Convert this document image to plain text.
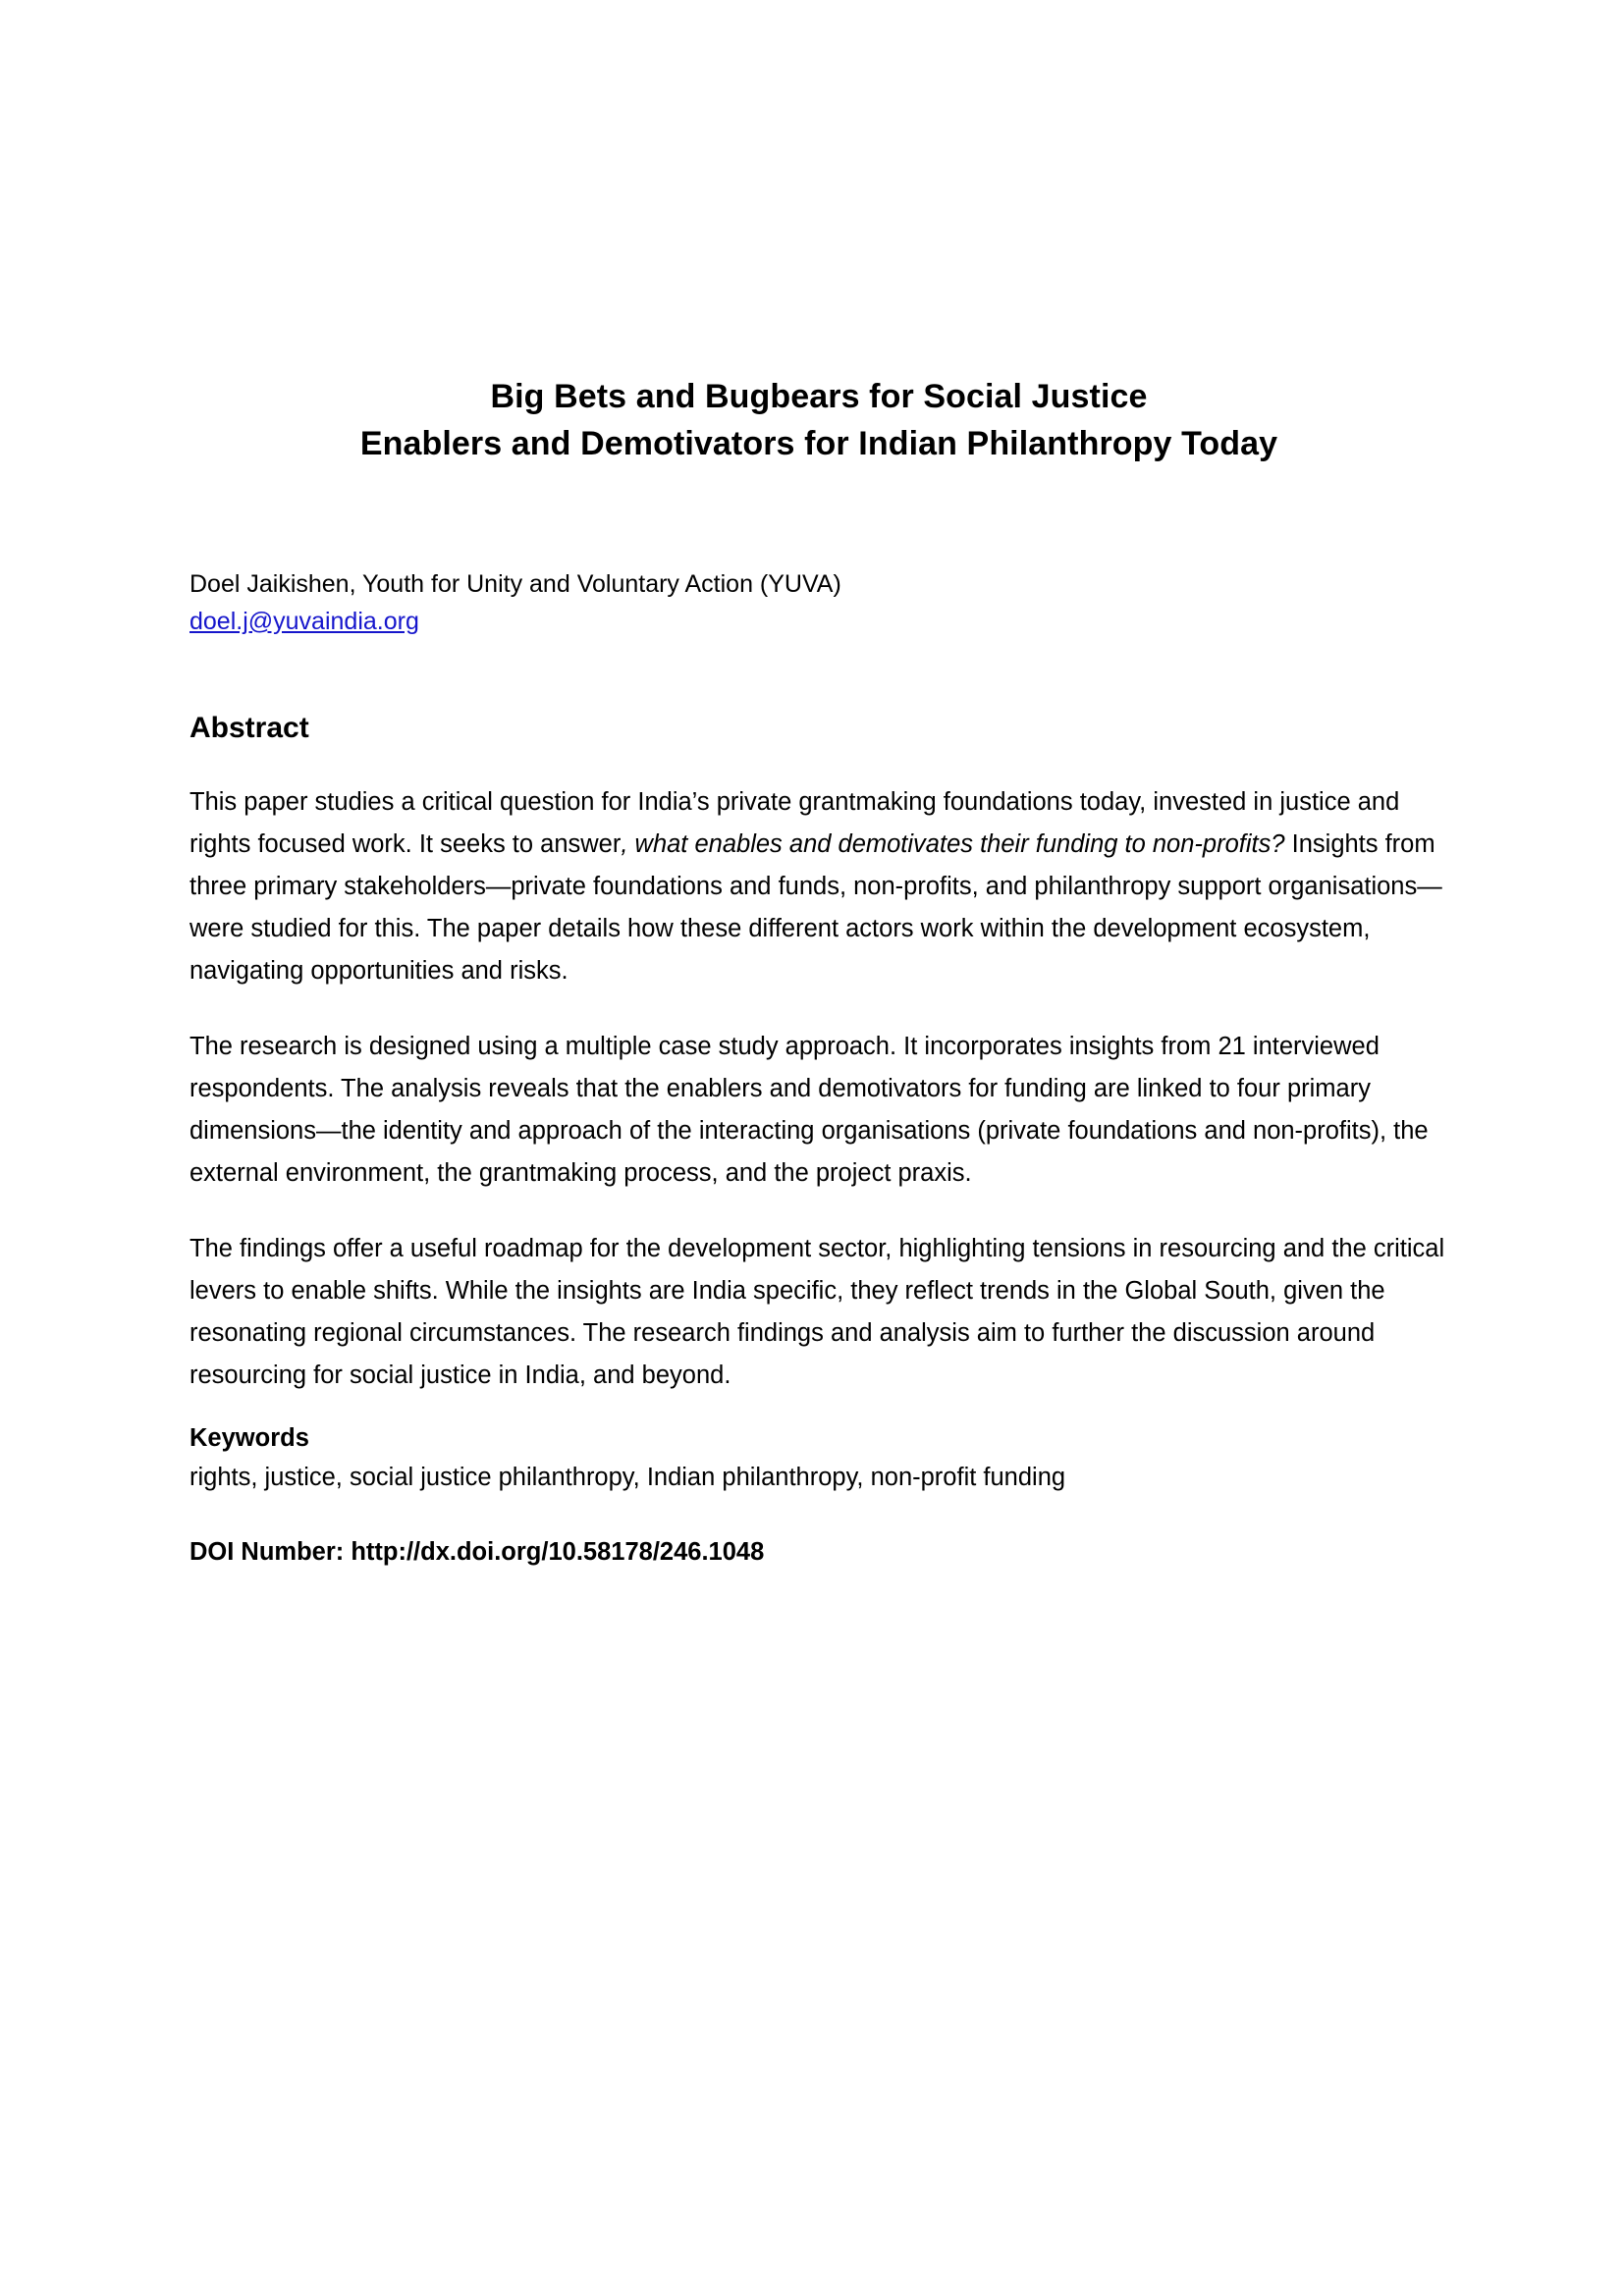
Big Bets and Bugbears for Social Justice
Enablers and Demotivators for Indian Philanthropy Today
Doel Jaikishen, Youth for Unity and Voluntary Action (YUVA)
doel.j@yuvaindia.org
Abstract

This paper studies a critical question for India’s private grantmaking foundations today, invested in justice and rights focused work. It seeks to answer, what enables and demotivates their funding to non-profits? Insights from three primary stakeholders—private foundations and funds, non-profits, and philanthropy support organisations—were studied for this. The paper details how these different actors work within the development ecosystem, navigating opportunities and risks.

The research is designed using a multiple case study approach. It incorporates insights from 21 interviewed respondents. The analysis reveals that the enablers and demotivators for funding are linked to four primary dimensions—the identity and approach of the interacting organisations (private foundations and non-profits), the external environment, the grantmaking process, and the project praxis.

The findings offer a useful roadmap for the development sector, highlighting tensions in resourcing and the critical levers to enable shifts. While the insights are India specific, they reflect trends in the Global South, given the resonating regional circumstances. The research findings and analysis aim to further the discussion around resourcing for social justice in India, and beyond.

Keywords
rights, justice, social justice philanthropy, Indian philanthropy, non-profit funding
DOI Number: http://dx.doi.org/10.58178/246.1048
